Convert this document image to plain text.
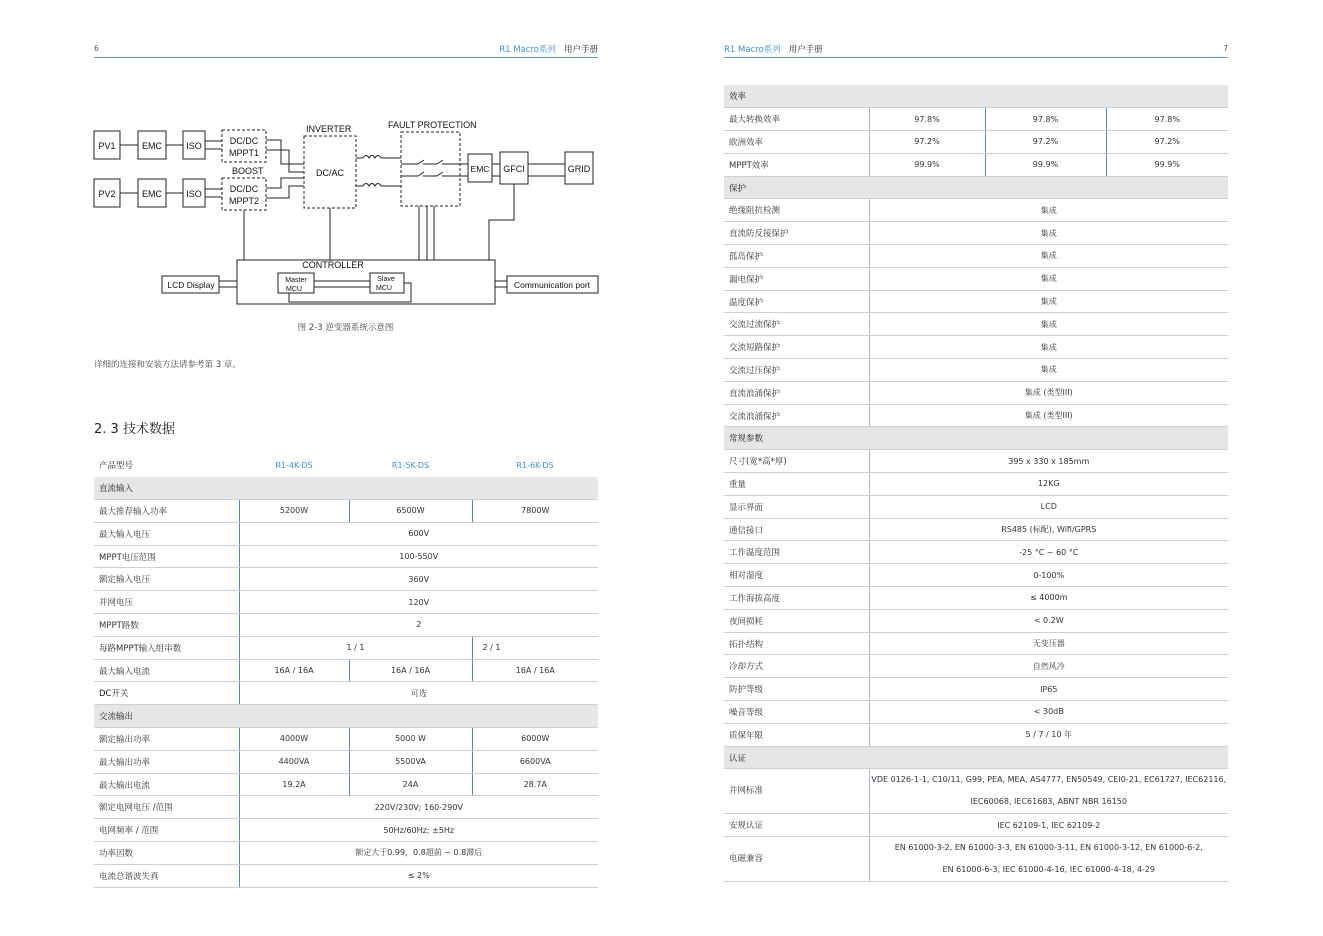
6	R1 Macro系列 用户手册
PV1	EMC	ISO	DC/DC
MPPT1
BOOST
PV2	EMC	ISO	DC/DC
MPPT2
INVERTER
DC/AC
FAULT PROTECTION
EMC GFCI	GRID
CONTROLLER
Master
MCU
Slave
MCU
LCD Display	Communication port
图 2-3 逆变器系统示意图
详细的连接和安装方法请参考第 3 章。
2. 3 技术数据
产品型号	R1-4K-DS	R1-5K-DS	R1-6K-DS
直流输入			
最大推荐输入功率	5200W	6500W	7800W
最大输入电压	600V		
MPPT电压范围	100-550V		
额定输入电压	360V		
并网电压	120V		
MPPT路数	2		
每路MPPT输入组串数	1 / 1		2 / 1
最大输入电流	16A / 16A	16A / 16A	16A / 16A
DC开关	可选		
交流输出			
额定输出功率	4000W	5000 W	6000W
最大输出功率	4400VA	5500VA	6600VA
最大输出电流	19.2A	24A	28.7A
额定电网电压 /范围	220V/230V; 160-290V		
电网频率 / 范围	50Hz/60Hz; ±5Hz		
功率因数	额定大于0.99，0.8超前 ~ 0.8滞后		
电流总谐波失真	≤ 2%		
R1 Macro系列 用户手册	7
效率			
最大转换效率	97.8%	97.8%	97.8%
欧洲效率	97.2%	97.2%	97.2%
MPPT效率	99.9%	99.9%	99.9%
保护			
绝缘阻抗检测	集成		
直流防反接保护	集成		
孤岛保护	集成		
漏电保护	集成		
温度保护	集成		
交流过流保护	集成		
交流短路保护	集成		
交流过压保护	集成		
直流浪涌保护	集成 (类型III)		
交流浪涌保护	集成 (类型III)		
常规参数			
尺寸(宽*高*厚)	395 x 330 x 185mm		
重量	12KG		
显示界面	LCD		
通信接口	RS485 (标配), Wifi/GPRS		
工作温度范围	-25 °C ~ 60 °C		
相对湿度	0-100%		
工作海拔高度	≤ 4000m		
夜间损耗	< 0.2W		
拓扑结构	无变压器		
冷却方式	自然风冷		
防护等级	IP65		
噪音等级	< 30dB		
质保年限	5 / 7 / 10 年		
认证			
并网标准	VDE 0126-1-1, C10/11, G99, PEA, MEA, AS4777, EN50549, CEI0-21, EC61727, IEC62116,
IEC60068, IEC61683, ABNT NBR 16150		

安规认证	IEC 62109-1, IEC 62109-2		
电磁兼容	EN 61000-3-2, EN 61000-3-3, EN 61000-3-11, EN 61000-3-12, EN 61000-6-2,
EN 61000-6-3, IEC 61000-4-16, IEC 61000-4-18, 4-29		
